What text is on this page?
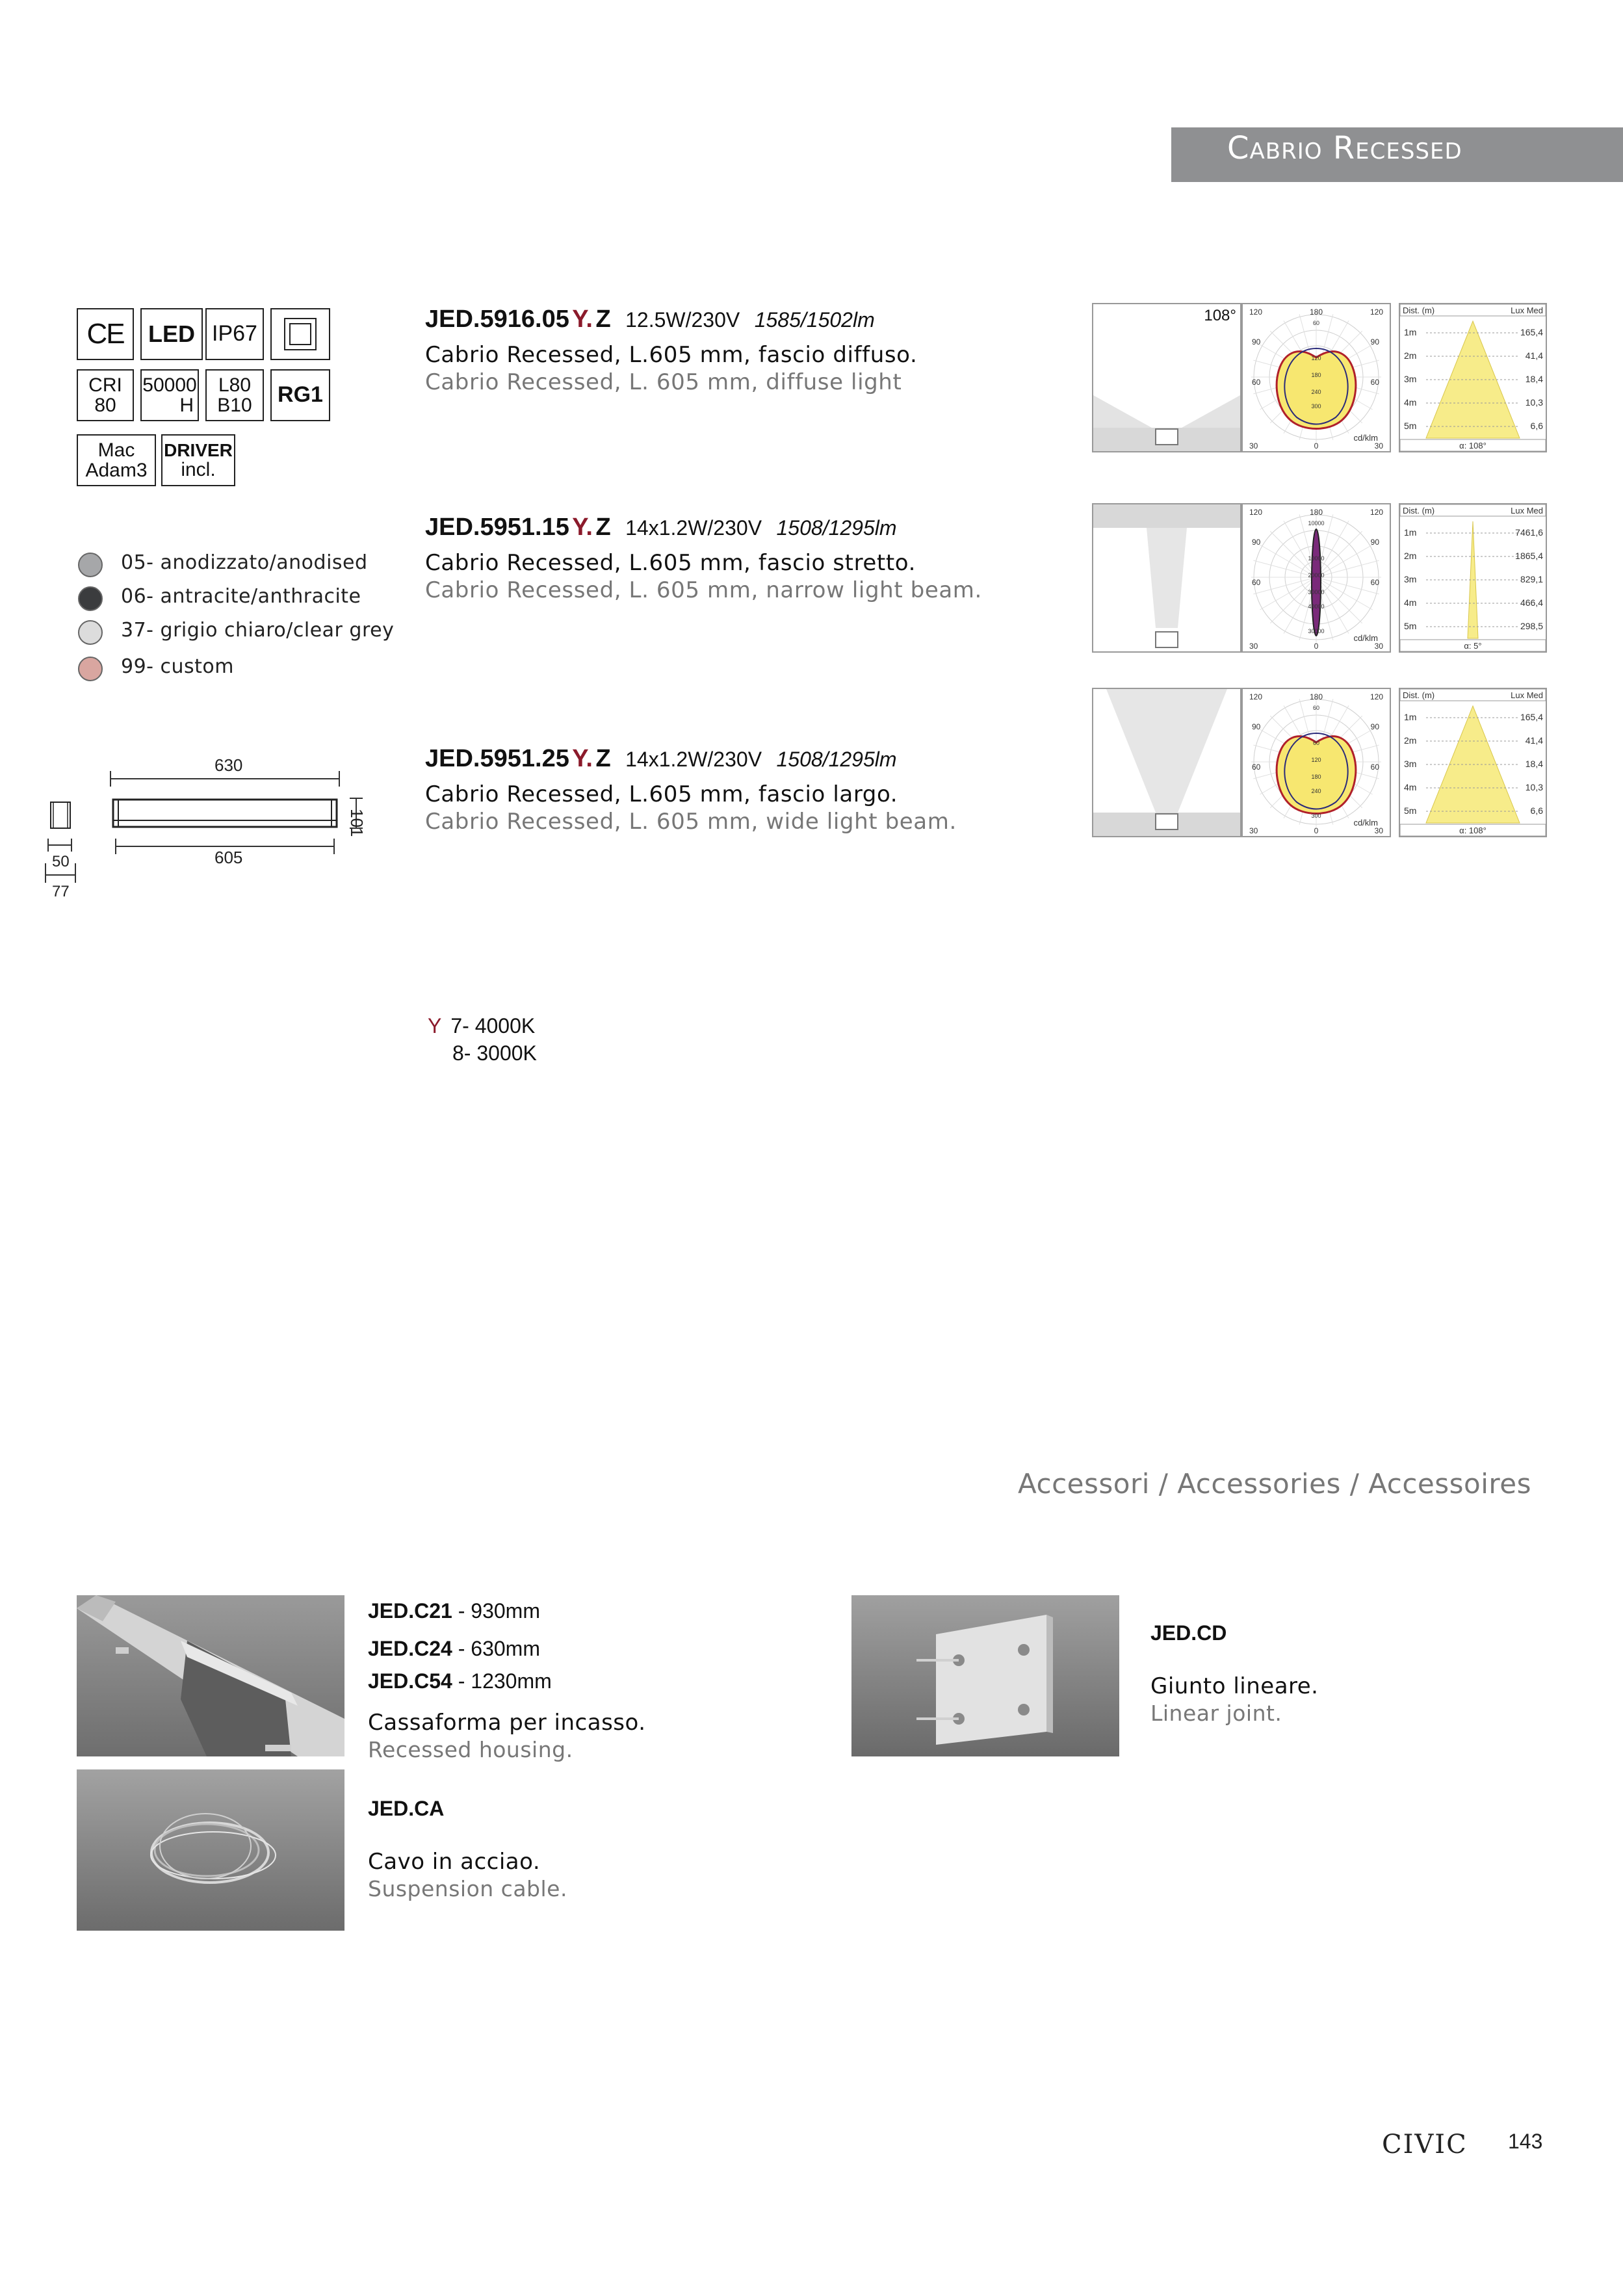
Cabrio Recessed
CE LED IP67
CRI
80
50000
H
L80
B10 RG1
Mac
Adam3
DRIVER
incl.
05- anodizzato/anodised
06- antracite/anthracite
37- grigio chiaro/clear grey
99- custom
630
605
101
50
77
JED.5916.05 Y. Z 12.5W/230V 1585/1502lm
Cabrio Recessed, L.605 mm, fascio diffuso.
Cabrio Recessed, L. 605 mm, diffuse light
JED.5951.15 Y. Z 14x1.2W/230V 1508/1295lm
Cabrio Recessed, L.605 mm, fascio stretto.
Cabrio Recessed, L. 605 mm, narrow light beam.
JED.5951.25 Y. Z 14x1.2W/230V 1508/1295lm
Cabrio Recessed, L.605 mm, fascio largo.
Cabrio Recessed, L. 605 mm, wide light beam.
108° 120	180	120
90	90
60	60
30	0	30
60
120
180
240
300
cd/klm
Dist. (m)	Lux Med
1m	165,4
2m	41,4
3m	18,4
4m	10,3
5m	6,6
α: 108°
120	180	120
90	90
60	60
30	0	30
10000
10000
20000
30000
40000
30000
cd/klm
Dist. (m)	Lux Med
1m	7461,6
2m	1865,4
3m	829,1
4m	466,4
5m	298,5
α: 5°
120	180	120
90	90
60	60
30	0	30
60
60
120
180
240
300
cd/klm
Dist. (m)	Lux Med
1m	165,4
2m	41,4
3m	18,4
4m	10,3
5m	6,6
α: 108°
Y 7- 4000K
8- 3000K
Accessori / Accessories / Accessoires
JED.C21 - 930mm
JED.C24 - 630mm
JED.C54 - 1230mm
Cassaforma per incasso.
Recessed housing.
JED.CA
Cavo in acciao.
Suspension cable.
JED.CD
Giunto lineare.
Linear joint.
CIVIC 143
